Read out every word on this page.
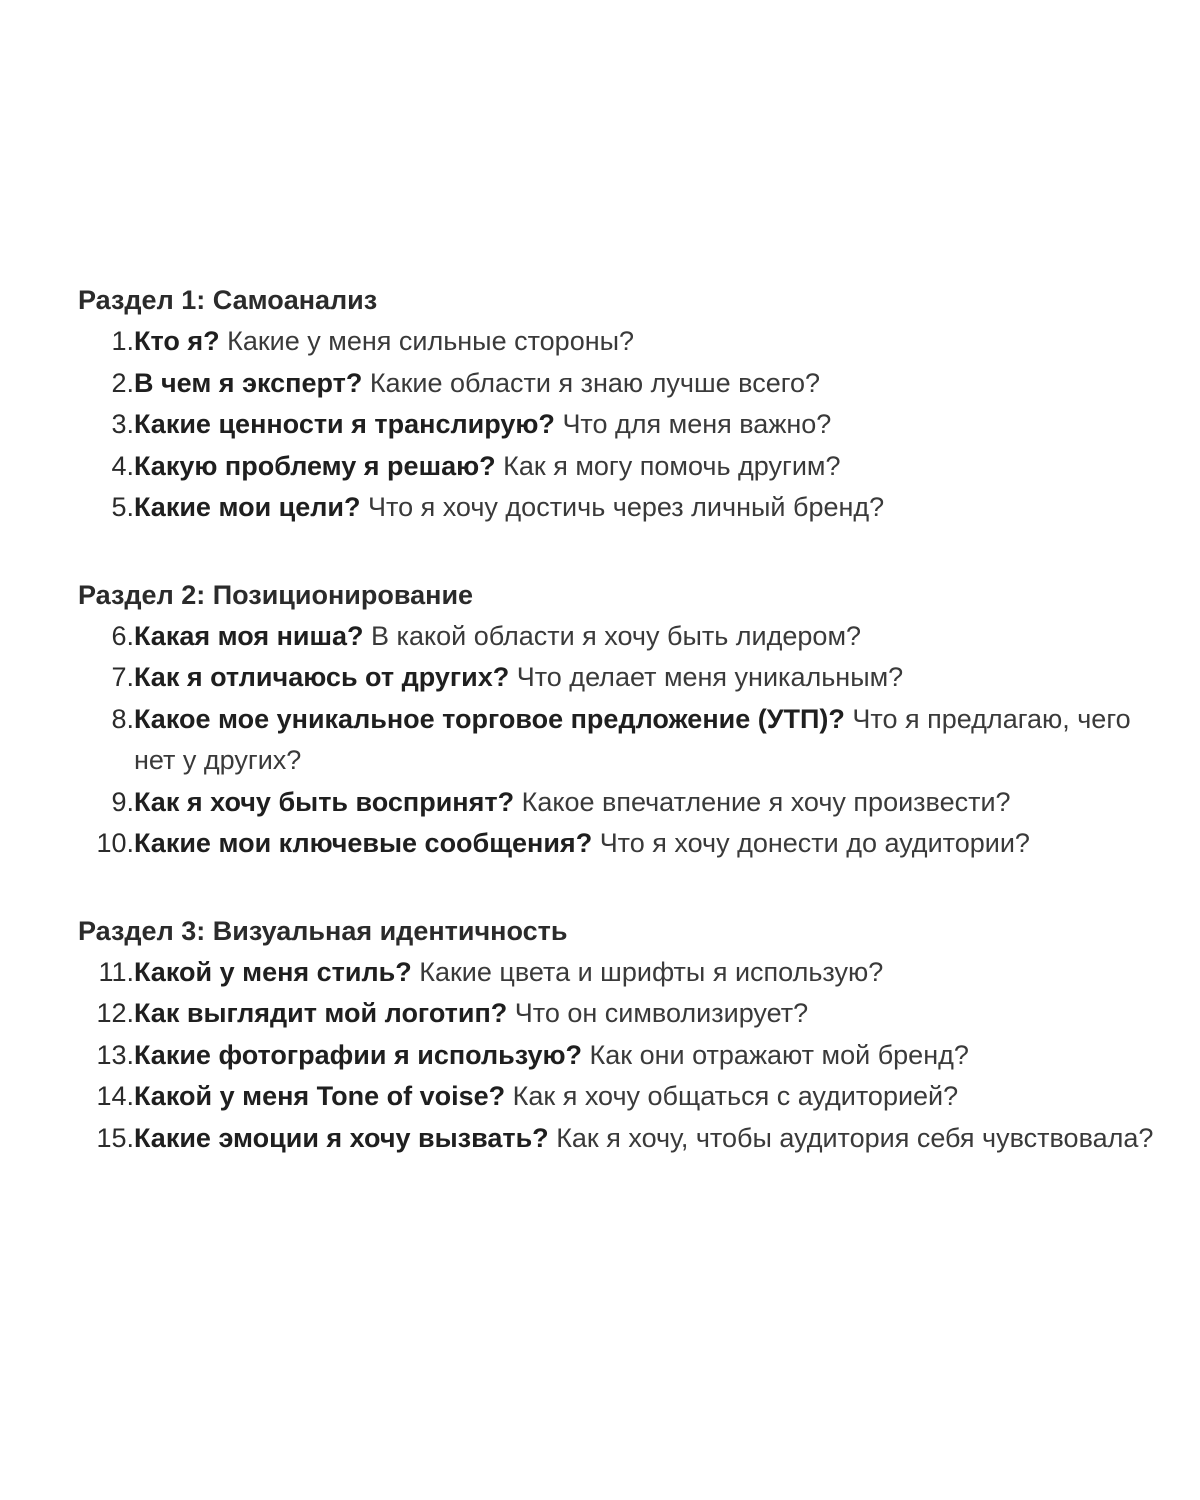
Раздел 1: Самоанализ
1. Кто я? Какие у меня сильные стороны?
2. В чем я эксперт? Какие области я знаю лучше всего?
3. Какие ценности я транслирую? Что для меня важно?
4. Какую проблему я решаю? Как я могу помочь другим?
5. Какие мои цели? Что я хочу достичь через личный бренд?
Раздел 2: Позиционирование
6. Какая моя ниша? В какой области я хочу быть лидером?
7. Как я отличаюсь от других? Что делает меня уникальным?
8. Какое мое уникальное торговое предложение (УТП)? Что я предлагаю, чего нет у других?
9. Как я хочу быть воспринят? Какое впечатление я хочу произвести?
10. Какие мои ключевые сообщения? Что я хочу донести до аудитории?
Раздел 3: Визуальная идентичность
11. Какой у меня стиль? Какие цвета и шрифты я использую?
12. Как выглядит мой логотип? Что он символизирует?
13. Какие фотографии я использую? Как они отражают мой бренд?
14. Какой у меня Tone of voise? Как я хочу общаться с аудиторией?
15. Какие эмоции я хочу вызвать? Как я хочу, чтобы аудитория себя чувствовала?
